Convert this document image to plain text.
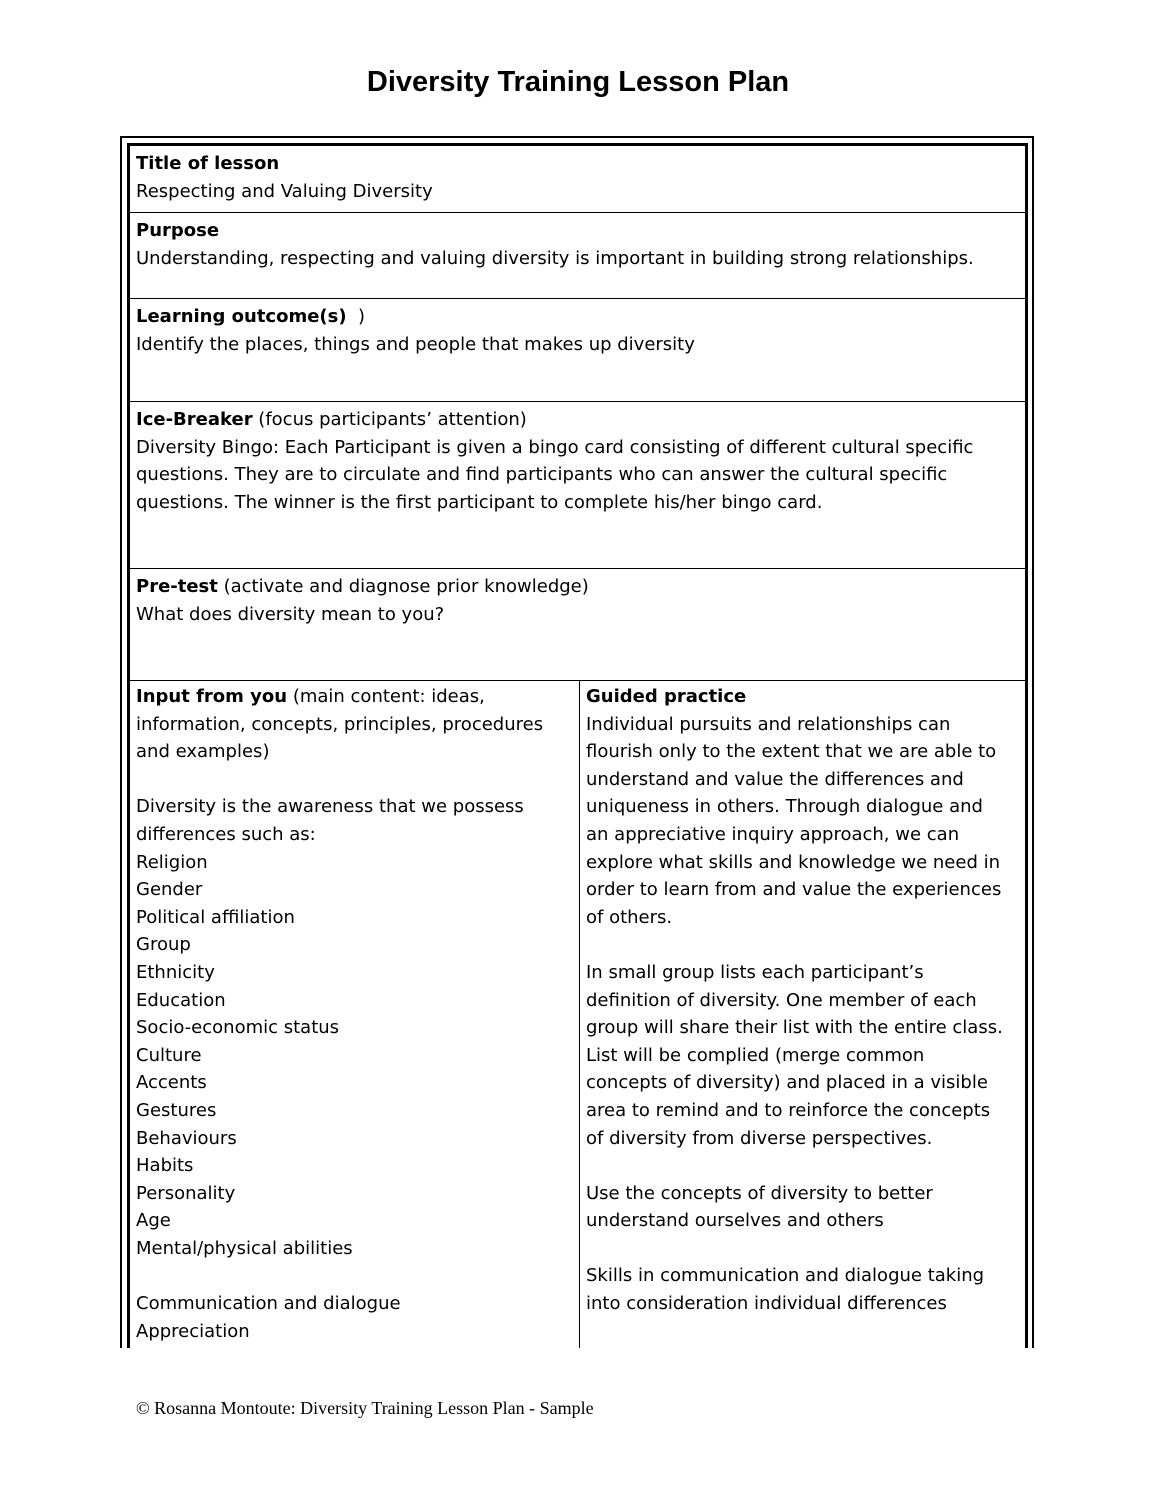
Diversity Training Lesson Plan
Title of lesson
Respecting and Valuing Diversity
Purpose
Understanding, respecting and valuing diversity is important in building strong relationships.
Learning outcome(s)  )
Identify the places, things and people that makes up diversity
Ice-Breaker (focus participants’ attention)
Diversity Bingo: Each Participant is given a bingo card consisting of different cultural specific
questions. They are to circulate and find participants who can answer the cultural specific
questions. The winner is the first participant to complete his/her bingo card.
Pre-test (activate and diagnose prior knowledge)
What does diversity mean to you?
Input from you (main content: ideas,
information, concepts, principles, procedures
and examples)
Diversity is the awareness that we possess
differences such as:
Religion
Gender
Political affiliation
Group
Ethnicity
Education
Socio-economic status
Culture
Accents
Gestures
Behaviours
Habits
Personality
Age
Mental/physical abilities
Communication and dialogue
Appreciation
Guided practice
Individual pursuits and relationships can
flourish only to the extent that we are able to
understand and value the differences and
uniqueness in others. Through dialogue and
an appreciative inquiry approach, we can
explore what skills and knowledge we need in
order to learn from and value the experiences
of others.
In small group lists each participant’s
definition of diversity. One member of each
group will share their list with the entire class.
List will be complied (merge common
concepts of diversity) and placed in a visible
area to remind and to reinforce the concepts
of diversity from diverse perspectives.
Use the concepts of diversity to better
understand ourselves and others
Skills in communication and dialogue taking
into consideration individual differences
© Rosanna Montoute: Diversity Training Lesson Plan - Sample
